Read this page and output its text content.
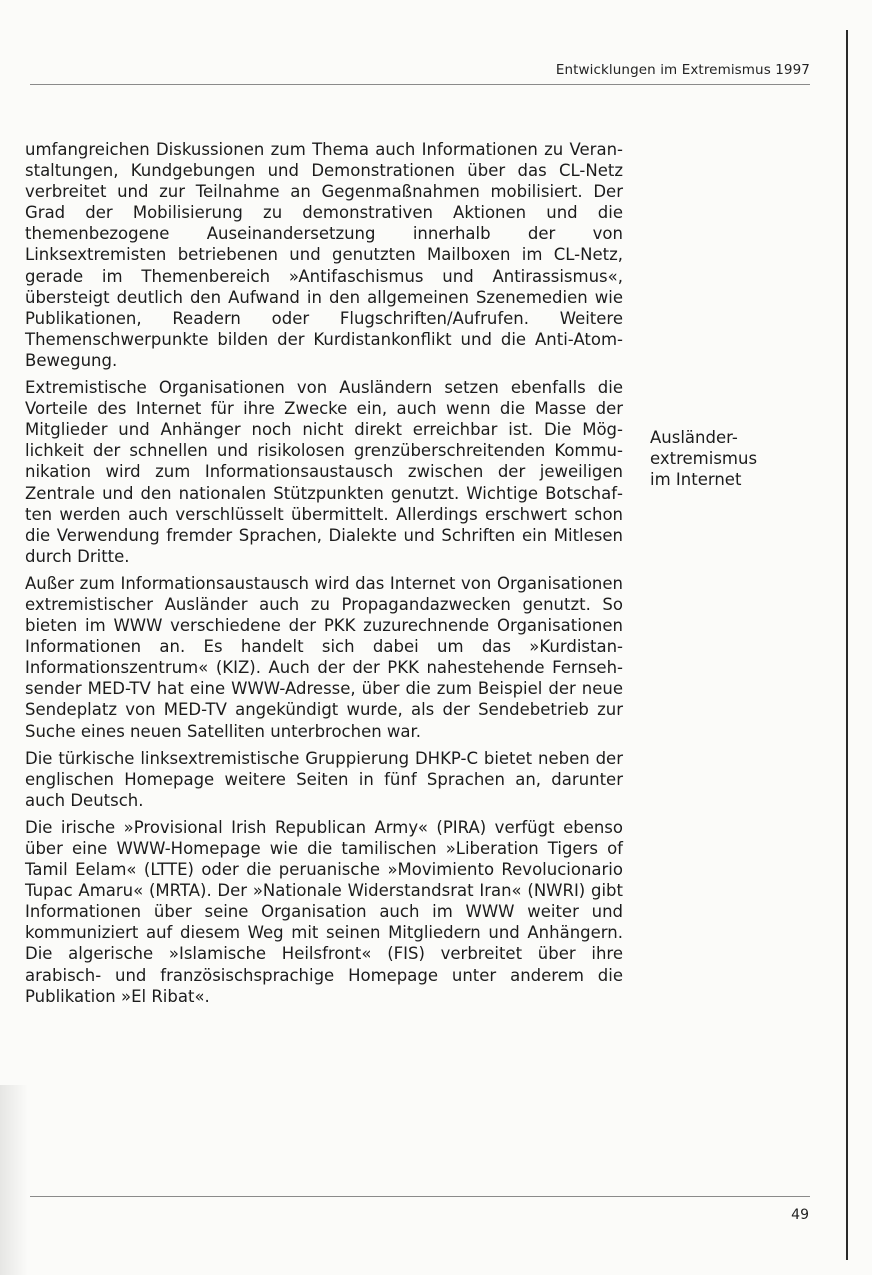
Entwicklungen im Extremismus 1997

umfangreichen Diskussionen zum Thema auch Informationen zu Veranstaltungen, Kundgebungen und Demonstrationen über das CL-Netz verbreitet und zur Teilnahme an Gegenmaßnahmen mobilisiert. Der Grad der Mobilisierung zu demonstrativen Aktionen und die themenbezogene Auseinandersetzung innerhalb der von Linksextremisten betriebenen und genutzten Mailboxen im CL-Netz, gerade im Themenbereich »Antifaschismus und Antirassismus«, übersteigt deutlich den Aufwand in den allgemeinen Szenemedien wie Publikationen, Readern oder Flugschriften/Aufrufen. Weitere Themenschwerpunkte bilden der Kurdistankonflikt und die Anti-Atom-Bewegung.

Extremistische Organisationen von Ausländern setzen ebenfalls die Vorteile des Internet für ihre Zwecke ein, auch wenn die Masse der Mitglieder und Anhänger noch nicht direkt erreichbar ist. Die Möglichkeit der schnellen und risikolosen grenzüberschreitenden Kommunikation wird zum Informationsaustausch zwischen der jeweiligen Zentrale und den nationalen Stützpunkten genutzt. Wichtige Botschaften werden auch verschlüsselt übermittelt. Allerdings erschwert schon die Verwendung fremder Sprachen, Dialekte und Schriften ein Mitlesen durch Dritte.

Außer zum Informationsaustausch wird das Internet von Organisationen extremistischer Ausländer auch zu Propagandazwecken genutzt. So bieten im WWW verschiedene der PKK zuzurechnende Organisationen Informationen an. Es handelt sich dabei um das »Kurdistan-Informationszentrum« (KIZ). Auch der der PKK nahestehende Fernsehsender MED-TV hat eine WWW-Adresse, über die zum Beispiel der neue Sendeplatz von MED-TV angekündigt wurde, als der Sendebetrieb zur Suche eines neuen Satelliten unterbrochen war.

Die türkische linksextremistische Gruppierung DHKP-C bietet neben der englischen Homepage weitere Seiten in fünf Sprachen an, darunter auch Deutsch.

Die irische »Provisional Irish Republican Army« (PIRA) verfügt ebenso über eine WWW-Homepage wie die tamilischen »Liberation Tigers of Tamil Eelam« (LTTE) oder die peruanische »Movimiento Revolucionario Tupac Amaru« (MRTA). Der »Nationale Widerstandsrat Iran« (NWRI) gibt Informationen über seine Organisation auch im WWW weiter und kommuniziert auf diesem Weg mit seinen Mitgliedern und Anhängern. Die algerische »Islamische Heilsfront« (FIS) verbreitet über ihre arabisch- und französischsprachige Homepage unter anderem die Publikation »El Ribat«.

Ausländer-
extremismus
im Internet
49
